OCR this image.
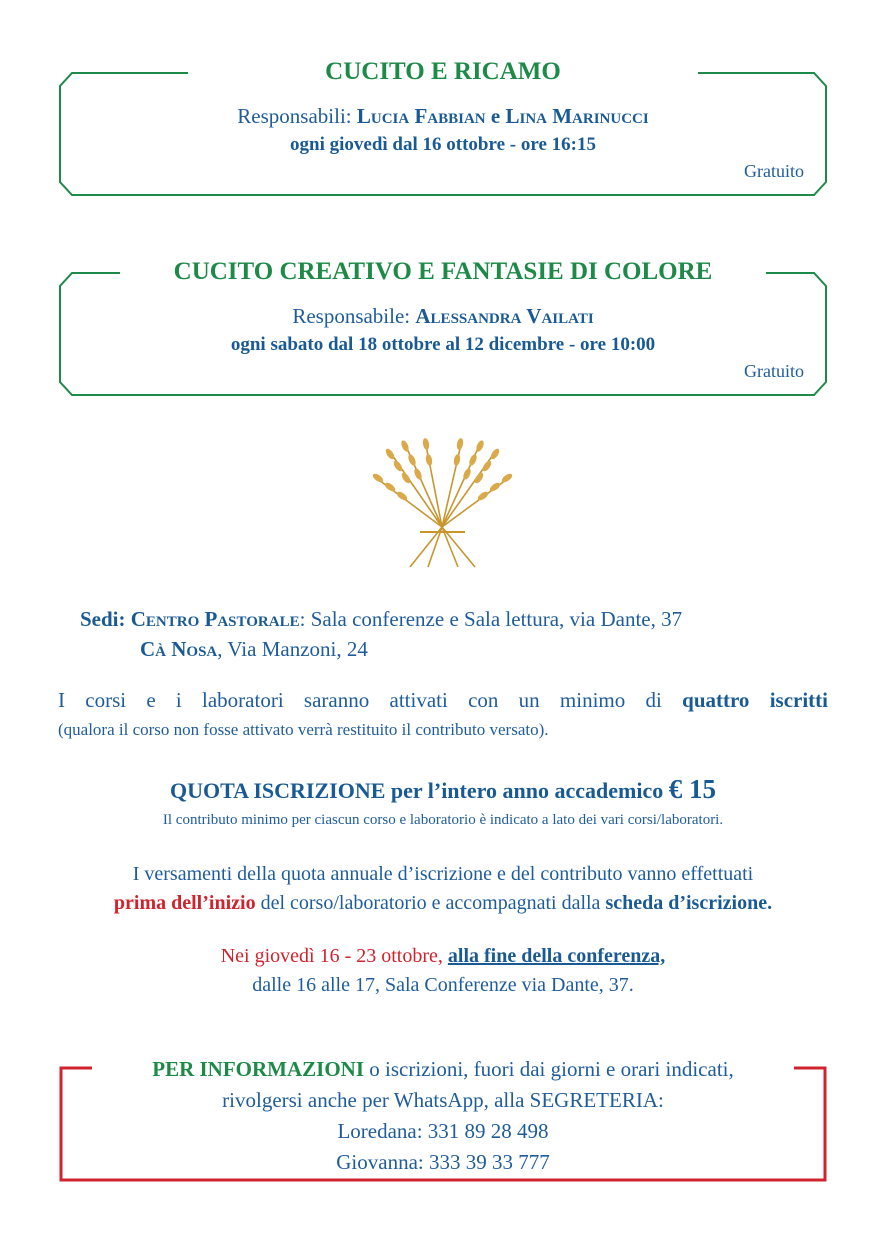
CUCITO E RICAMO
Responsabili: Lucia Fabbian e Lina Marinucci
ogni giovedì dal 16 ottobre - ore 16:15
Gratuito
CUCITO CREATIVO E FANTASIE DI COLORE
Responsabile: Alessandra Vailati
ogni sabato dal 18 ottobre al 12 dicembre - ore 10:00
Gratuito
Sedi: Centro Pastorale: Sala conferenze e Sala lettura, via Dante, 37
Cà Nosa, Via Manzoni, 24
I corsi e i laboratori saranno attivati con un minimo di quattro iscritti
(qualora il corso non fosse attivato verrà restituito il contributo versato).
QUOTA ISCRIZIONE per l’intero anno accademico € 15
Il contributo minimo per ciascun corso e laboratorio è indicato a lato dei vari corsi/laboratori.
I versamenti della quota annuale d’iscrizione e del contributo vanno effettuati
prima dell’inizio del corso/laboratorio e accompagnati dalla scheda d’iscrizione.
Nei giovedì 16 - 23 ottobre, alla fine della conferenza,
dalle 16 alle 17, Sala Conferenze via Dante, 37.
PER INFORMAZIONI o iscrizioni, fuori dai giorni e orari indicati,
rivolgersi anche per WhatsApp, alla SEGRETERIA:
Loredana: 331 89 28 498
Giovanna: 333 39 33 777
